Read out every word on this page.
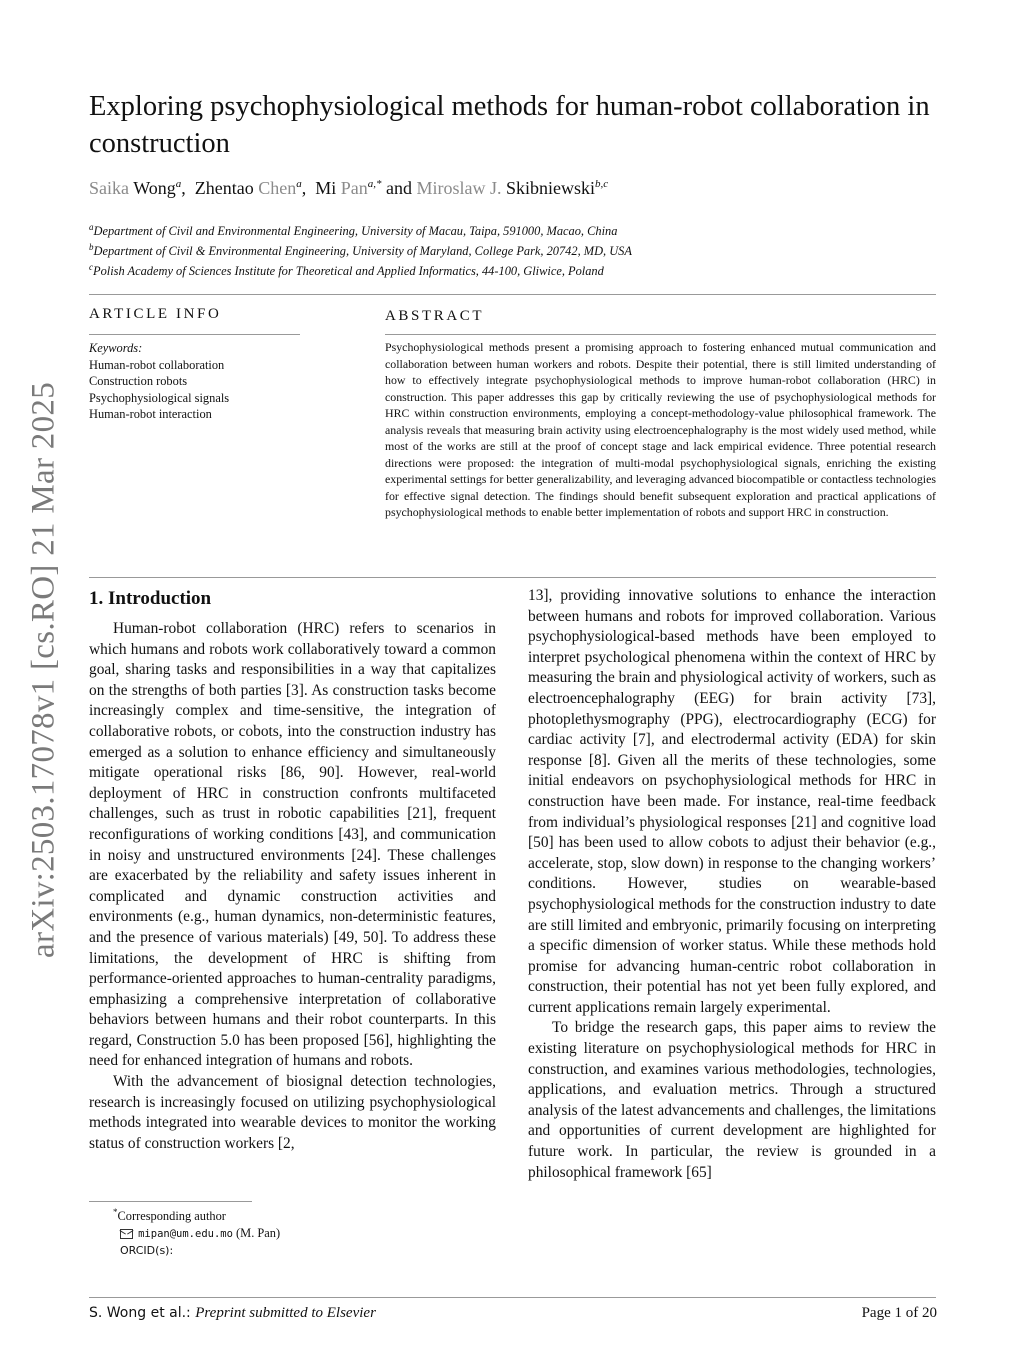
arXiv:2503.17078v1 [cs.RO] 21 Mar 2025
Exploring psychophysiological methods for human-robot collaboration in construction
Saika Wong$^a$,  Zhentao Chen$^a$,  Mi Pan$^{a,*}$ and Miroslaw J. Skibniewski$^{b,c}$
$^a$Department of Civil and Environmental Engineering, University of Macau, Taipa, 591000, Macao, China
$^b$Department of Civil & Environmental Engineering, University of Maryland, College Park, 20742, MD, USA
$^c$Polish Academy of Sciences Institute for Theoretical and Applied Informatics, 44-100, Gliwice, Poland
ARTICLE INFO
Keywords:
Human-robot collaboration
Construction robots
Psychophysiological signals
Human-robot interaction
ABSTRACT
Psychophysiological methods present a promising approach to fostering enhanced mutual communication and collaboration between human workers and robots. Despite their potential, there is still limited understanding of how to effectively integrate psychophysiological methods to improve human-robot collaboration (HRC) in construction. This paper addresses this gap by critically reviewing the use of psychophysiological methods for HRC within construction environments, employing a concept-methodology-value philosophical framework. The analysis reveals that measuring brain activity using electroencephalography is the most widely used method, while most of the works are still at the proof of concept stage and lack empirical evidence. Three potential research directions were proposed: the integration of multi-modal psychophysiological signals, enriching the existing experimental settings for better generalizability, and leveraging advanced biocompatible or contactless technologies for effective signal detection. The findings should benefit subsequent exploration and practical applications of psychophysiological methods to enable better implementation of robots and support HRC in construction.
1. Introduction

Human-robot collaboration (HRC) refers to scenarios in which humans and robots work collaboratively toward a common goal, sharing tasks and responsibilities in a way that capitalizes on the strengths of both parties [3]. As construction tasks become increasingly complex and time-sensitive, the integration of collaborative robots, or cobots, into the construction industry has emerged as a solution to enhance efficiency and simultaneously mitigate operational risks [86, 90]. However, real-world deployment of HRC in construction confronts multifaceted challenges, such as trust in robotic capabilities [21], frequent reconfigurations of working conditions [43], and communication in noisy and unstructured environments [24]. These challenges are exacerbated by the reliability and safety issues inherent in complicated and dynamic construction activities and environments (e.g., human dynamics, non-deterministic features, and the presence of various materials) [49, 50]. To address these limitations, the development of HRC is shifting from performance-oriented approaches to human-centrality paradigms, emphasizing a comprehensive interpretation of collaborative behaviors between humans and their robot counterparts. In this regard, Construction 5.0 has been proposed [56], highlighting the need for enhanced integration of humans and robots.

With the advancement of biosignal detection technologies, research is increasingly focused on utilizing psychophysiological methods integrated into wearable devices to monitor the working status of construction workers [2,

13], providing innovative solutions to enhance the interaction between humans and robots for improved collaboration. Various psychophysiological-based methods have been employed to interpret psychological phenomena within the context of HRC by measuring the brain and physiological activity of workers, such as electroencephalography (EEG) for brain activity [73], photoplethysmography (PPG), electrocardiography (ECG) for cardiac activity [7], and electrodermal activity (EDA) for skin response [8]. Given all the merits of these technologies, some initial endeavors on psychophysiological methods for HRC in construction have been made. For instance, real-time feedback from individual’s physiological responses [21] and cognitive load [50] has been used to allow cobots to adjust their behavior (e.g., accelerate, stop, slow down) in response to the changing workers’ conditions. However, studies on wearable-based psychophysiological methods for the construction industry to date are still limited and embryonic, primarily focusing on interpreting a specific dimension of worker status. While these methods hold promise for advancing human-centric robot collaboration in construction, their potential has not yet been fully explored, and current applications remain largely experimental.

To bridge the research gaps, this paper aims to review the existing literature on psychophysiological methods for HRC in construction, and examines various methodologies, technologies, applications, and evaluation metrics. Through a structured analysis of the latest advancements and challenges, the limitations and opportunities of current development are highlighted for future work. In particular, the review is grounded in a philosophical framework [65]

*Corresponding author
mipan@um.edu.mo (M. Pan)
ORCID(s):
S. Wong et al.: Preprint submitted to Elsevier	Page 1 of 20
